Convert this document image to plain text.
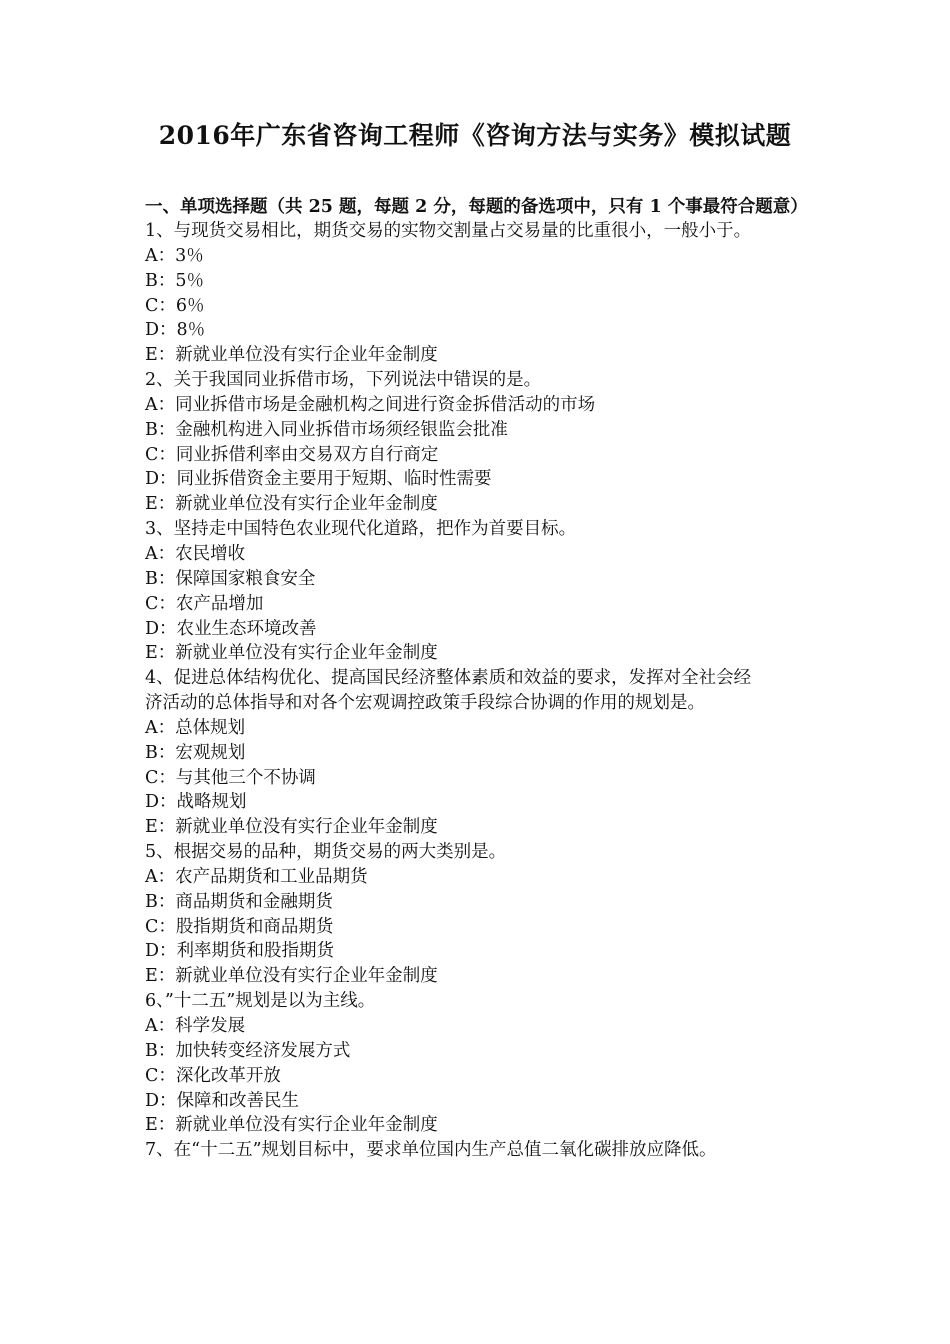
2016年广东省咨询工程师《咨询方法与实务》模拟试题
一、单项选择题（共 25 题，每题 2 分，每题的备选项中，只有 1 个事最符合题意）
1、与现货交易相比，期货交易的实物交割量占交易量的比重很小，一般小于。
A：3％
B：5％
C：6％
D：8％
E：新就业单位没有实行企业年金制度
2、关于我国同业拆借市场，下列说法中错误的是。
A：同业拆借市场是金融机构之间进行资金拆借活动的市场
B：金融机构进入同业拆借市场须经银监会批准
C：同业拆借利率由交易双方自行商定
D：同业拆借资金主要用于短期、临时性需要
E：新就业单位没有实行企业年金制度
3、坚持走中国特色农业现代化道路，把作为首要目标。
A：农民增收
B：保障国家粮食安全
C：农产品增加
D：农业生态环境改善
E：新就业单位没有实行企业年金制度
4、促进总体结构优化、提高国民经济整体素质和效益的要求，发挥对全社会经
济活动的总体指导和对各个宏观调控政策手段综合协调的作用的规划是。
A：总体规划
B：宏观规划
C：与其他三个不协调
D：战略规划
E：新就业单位没有实行企业年金制度
5、根据交易的品种，期货交易的两大类别是。
A：农产品期货和工业品期货
B：商品期货和金融期货
C：股指期货和商品期货
D：利率期货和股指期货
E：新就业单位没有实行企业年金制度
6、”十二五”规划是以为主线。
A：科学发展
B：加快转变经济发展方式
C：深化改革开放
D：保障和改善民生
E：新就业单位没有实行企业年金制度
7、在“十二五”规划目标中，要求单位国内生产总值二氧化碳排放应降低。
